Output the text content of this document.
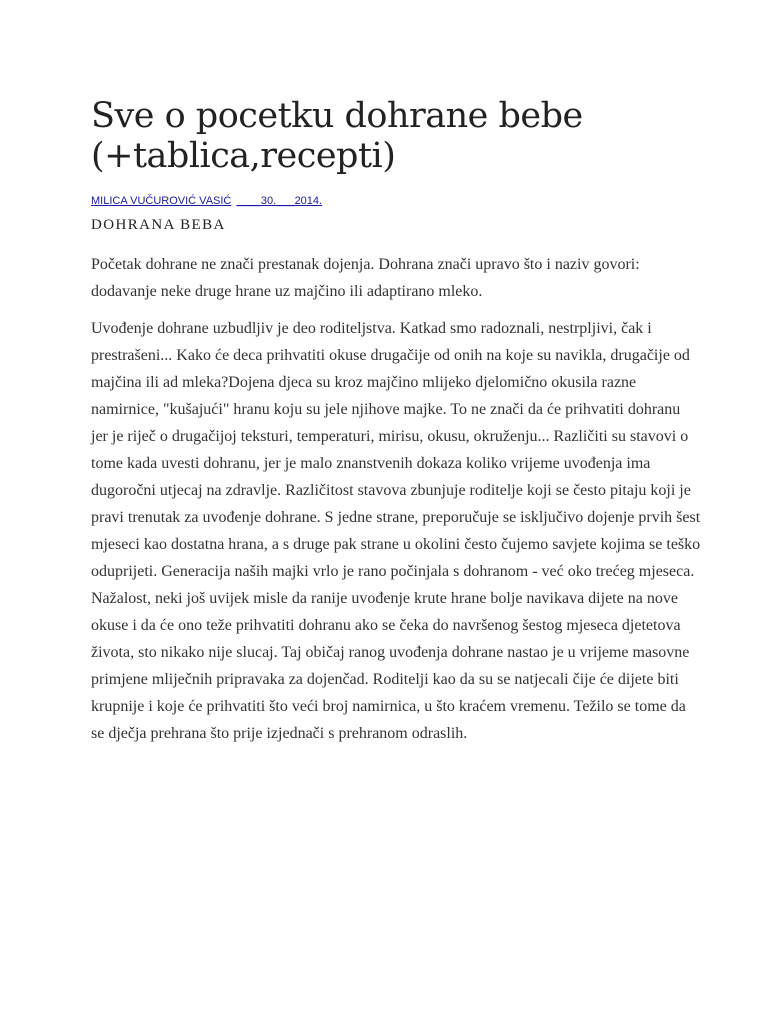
Sve o pocetku dohrane bebe
(+tablica,recepti)
MILICA VUČUROVIĆ VASIĆ ____30.___2014.
DOHRANA BEBA

Početak dohrane ne znači prestanak dojenja. Dohrana znači upravo što i naziv govori: dodavanje neke druge hrane uz majčino ili adaptirano mleko.

Uvođenje dohrane uzbudljiv je deo roditeljstva. Katkad smo radoznali, nestrpljivi, čak i prestrašeni... Kako će deca prihvatiti okuse drugačije od onih na koje su navikla, drugačije od majčina ili ad mleka?Dojena djeca su kroz majčino mlijeko djelomično okusila razne namirnice, "kušajući" hranu koju su jele njihove majke. To ne znači da će prihvatiti dohranu jer je riječ o drugačijoj teksturi, temperaturi, mirisu, okusu, okruženju... Različiti su stavovi o tome kada uvesti dohranu, jer je malo znanstvenih dokaza koliko vrijeme uvođenja ima dugoročni utjecaj na zdravlje. Različitost stavova zbunjuje roditelje koji se često pitaju koji je pravi trenutak za uvođenje dohrane. S jedne strane, preporučuje se isključivo dojenje prvih šest mjeseci kao dostatna hrana, a s druge pak strane u okolini često čujemo savjete kojima se teško oduprijeti. Generacija naših majki vrlo je rano počinjala s dohranom - već oko trećeg mjeseca. Nažalost, neki još uvijek misle da ranije uvođenje krute hrane bolje navikava dijete na nove okuse i da će ono teže prihvatiti dohranu ako se čeka do navršenog šestog mjeseca djetetova života, sto nikako nije slucaj. Taj običaj ranog uvođenja dohrane nastao je u vrijeme masovne primjene mliječnih pripravaka za dojenčad. Roditelji kao da su se natjecali čije će dijete biti krupnije i koje će prihvatiti što veći broj namirnica, u što kraćem vremenu. Težilo se tome da se dječja prehrana što prije izjednači s prehranom odraslih.
